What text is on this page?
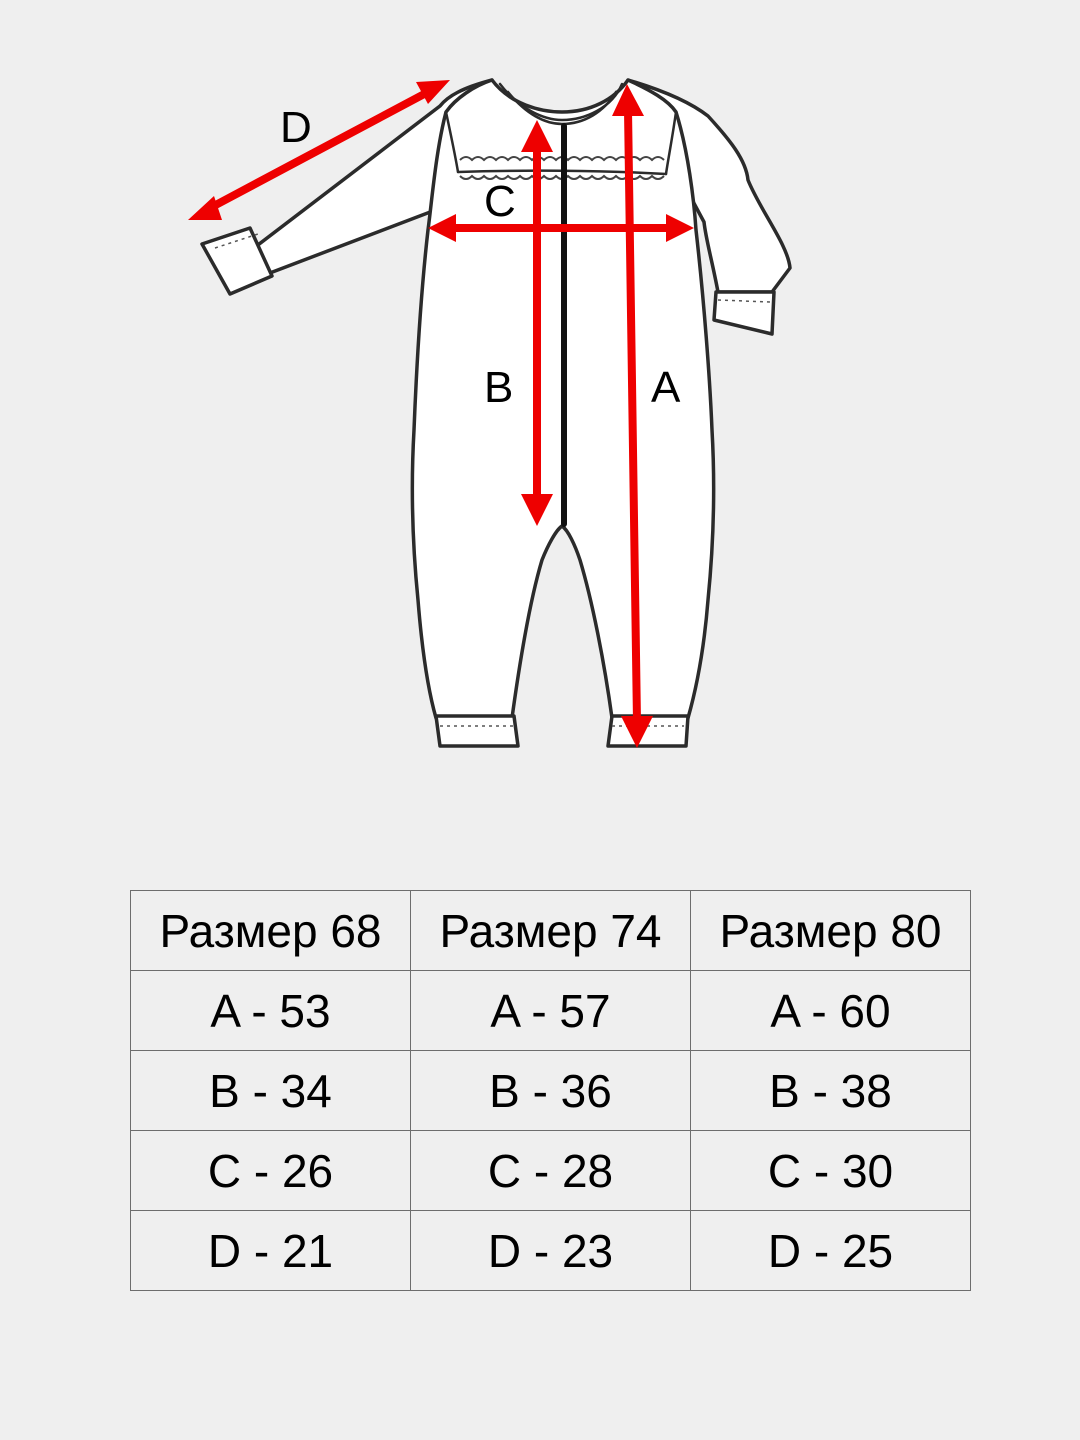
D
C
B	A
Размер 68	Размер 74	Размер 80
A - 53	A - 57	A - 60
B - 34	B - 36	B - 38
C - 26	C - 28	C - 30
D - 21	D - 23	D - 25
